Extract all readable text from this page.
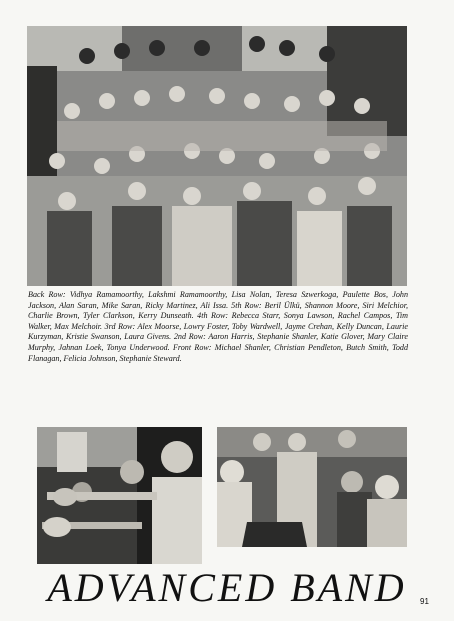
Back Row: Vidhya Ramamoorthy, Lakshmi Ramamoorthy, Lisa Nolan, Teresa Szwerkoga, Paulette Bos, John Jackson, Alan Saran, Mike Saran, Ricky Martinez, Ali Issa. 5th Row: Beril Ülkü, Shannon Moore, Siri Melchior, Charlie Brown, Tyler Clarkson, Kerry Dunseath. 4th Row: Rebecca Starr, Sonya Lawson, Rachel Campos, Tim Walker, Max Melchoir. 3rd Row: Alex Moorse, Lowry Foster, Toby Wardwell, Jayme Crehan, Kelly Duncan, Laurie Kurzyman, Kristie Swanson, Laura Givens. 2nd Row: Aaron Harris, Stephanie Shanler, Katie Glover, Mary Claire Murphy, Jahnan Loek, Tonya Underwood. Front Row: Michael Shanler, Christian Pendleton, Butch Smith, Todd Flanagan, Felicia Johnson, Stephanie Steward.

ADVANCED BAND	91
